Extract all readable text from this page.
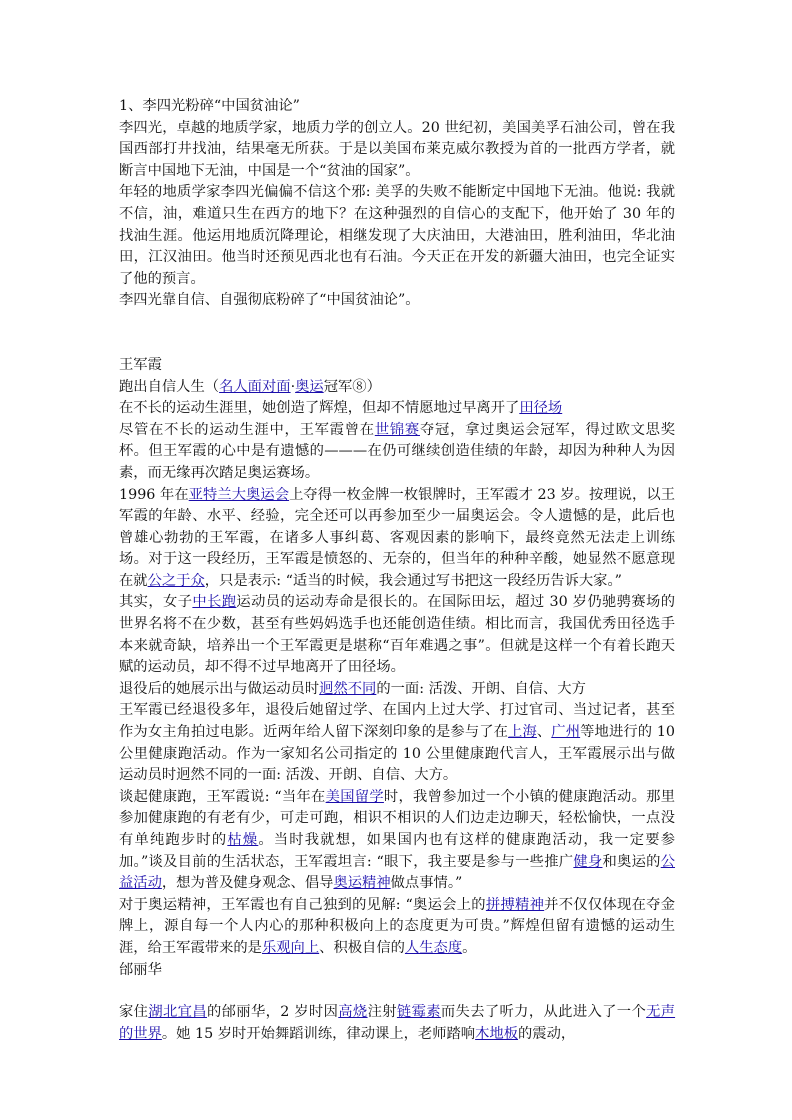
1、李四光粉碎“中国贫油论”

李四光，卓越的地质学家，地质力学的创立人。20 世纪初，美国美孚石油公司，曾在我国西部打井找油，结果毫无所获。于是以美国布莱克威尔教授为首的一批西方学者，就断言中国地下无油，中国是一个“贫油的国家”。

年轻的地质学家李四光偏偏不信这个邪: 美孚的失败不能断定中国地下无油。他说: 我就不信，油，难道只生在西方的地下？在这种强烈的自信心的支配下，他开始了 30 年的找油生涯。他运用地质沉降理论，相继发现了大庆油田，大港油田，胜利油田，华北油田，江汉油田。他当时还预见西北也有石油。今天正在开发的新疆大油田，也完全证实了他的预言。

李四光靠自信、自强彻底粉碎了“中国贫油论”。

王军霞

跑出自信人生（名人面对面·奥运冠军⑧）

在不长的运动生涯里，她创造了辉煌，但却不情愿地过早离开了田径场

尽管在不长的运动生涯中，王军霞曾在世锦赛夺冠，拿过奥运会冠军，得过欧文思奖杯。但王军霞的心中是有遗憾的———在仍可继续创造佳绩的年龄，却因为种种人为因素，而无缘再次踏足奥运赛场。

1996 年在亚特兰大奥运会上夺得一枚金牌一枚银牌时，王军霞才 23 岁。按理说，以王军霞的年龄、水平、经验，完全还可以再参加至少一届奥运会。令人遗憾的是，此后也曾雄心勃勃的王军霞，在诸多人事纠葛、客观因素的影响下，最终竟然无法走上训练场。对于这一段经历，王军霞是愤怒的、无奈的，但当年的种种辛酸，她显然不愿意现在就公之于众，只是表示: “适当的时候，我会通过写书把这一段经历告诉大家。”

其实，女子中长跑运动员的运动寿命是很长的。在国际田坛，超过 30 岁仍驰骋赛场的世界名将不在少数，甚至有些妈妈选手也还能创造佳绩。相比而言，我国优秀田径选手本来就奇缺，培养出一个王军霞更是堪称“百年难遇之事”。但就是这样一个有着长跑天赋的运动员，却不得不过早地离开了田径场。

退役后的她展示出与做运动员时迥然不同的一面: 活泼、开朗、自信、大方

王军霞已经退役多年，退役后她留过学、在国内上过大学、打过官司、当过记者，甚至作为女主角拍过电影。近两年给人留下深刻印象的是参与了在上海、广州等地进行的 10 公里健康跑活动。作为一家知名公司指定的 10 公里健康跑代言人，王军霞展示出与做运动员时迥然不同的一面: 活泼、开朗、自信、大方。

谈起健康跑，王军霞说: “当年在美国留学时，我曾参加过一个小镇的健康跑活动。那里参加健康跑的有老有少，可走可跑，相识不相识的人们边走边聊天，轻松愉快，一点没有单纯跑步时的枯燥。当时我就想，如果国内也有这样的健康跑活动，我一定要参加。”谈及目前的生活状态，王军霞坦言: “眼下，我主要是参与一些推广健身和奥运的公益活动，想为普及健身观念、倡导奥运精神做点事情。”

对于奥运精神，王军霞也有自己独到的见解: “奥运会上的拼搏精神并不仅仅体现在夺金牌上，源自每一个人内心的那种积极向上的态度更为可贵。”辉煌但留有遗憾的运动生涯，给王军霞带来的是乐观向上、积极自信的人生态度。

邰丽华

家住湖北宜昌的邰丽华，2 岁时因高烧注射链霉素而失去了听力，从此进入了一个无声的世界。她 15 岁时开始舞蹈训练，律动课上，老师踏响木地板的震动，
